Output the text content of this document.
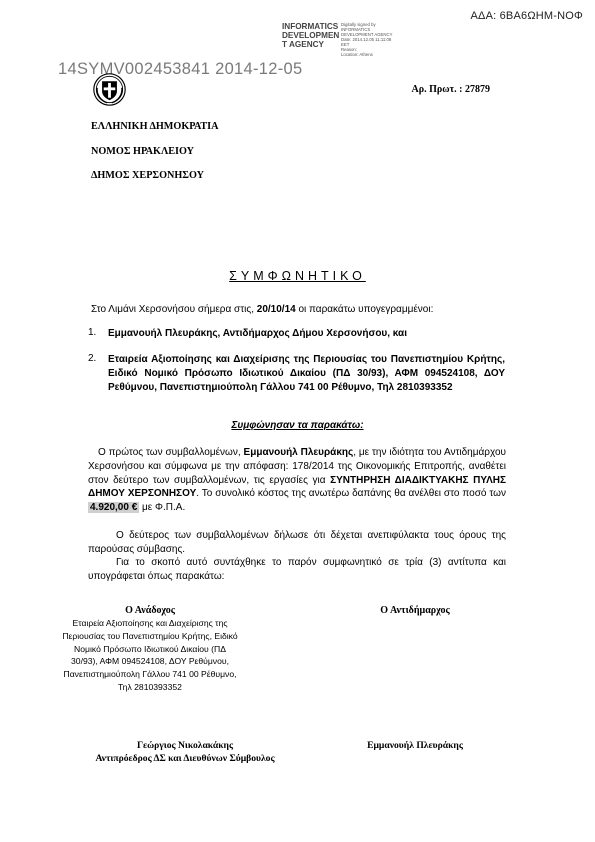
ΑΔΑ: 6ΒΑ6ΩΗΜ-ΝΟΦ
INFORMATICS
DEVELOPMEN
T AGENCY
Digitally signed by
INFORMATICS
DEVELOPMENT AGENCY
Date: 2014.12.05 11:11:08
EET
Reason:
Location: Athens
14SYMV002453841 2014-12-05
Αρ. Πρωτ. : 27879
ΕΛΛΗΝΙΚΗ ΔΗΜΟΚΡΑΤΙΑ
ΝΟΜΟΣ ΗΡΑΚΛΕΙΟΥ
ΔΗΜΟΣ ΧΕΡΣΟΝΗΣΟΥ
ΣΥΜΦΩΝΗΤΙΚΟ
Στο Λιμάνι Χερσονήσου σήμερα στις, 20/10/14 οι παρακάτω υπογεγραμμένοι:
1. Εμμανουήλ Πλευράκης, Αντιδήμαρχος Δήμου Χερσονήσου, και
2. Εταιρεία Αξιοποίησης και Διαχείρισης της Περιουσίας του Πανεπιστημίου Κρήτης, Ειδικό Νομικό Πρόσωπο Ιδιωτικού Δικαίου (ΠΔ 30/93), ΑΦΜ 094524108, ΔΟΥ Ρεθύμνου, Πανεπιστημιούπολη Γάλλου 741 00 Ρέθυμνο, Τηλ 2810393352
Συμφώνησαν τα παρακάτω:
Ο πρώτος των συμβαλλομένων, Εμμανουήλ Πλευράκης, με την ιδιότητα του Αντιδημάρχου Χερσονήσου και σύμφωνα με την απόφαση: 178/2014 της Οικονομικής Επιτροπής, αναθέτει στον δεύτερο των συμβαλλομένων, τις εργασίες για ΣΥΝΤΗΡΗΣΗ ΔΙΑΔΙΚΤΥΑΚΗΣ ΠΥΛΗΣ ΔΗΜΟΥ ΧΕΡΣΟΝΗΣΟΥ. Το συνολικό κόστος της ανωτέρω δαπάνης θα ανέλθει στο ποσό των 4.920,00 € με Φ.Π.Α.
Ο δεύτερος των συμβαλλομένων δήλωσε ότι δέχεται ανεπιφύλακτα τους όρους της παρούσας σύμβασης.
Για το σκοπό αυτό συντάχθηκε το παρόν συμφωνητικό σε τρία (3) αντίτυπα και υπογράφεται όπως παρακάτω:
Ο Ανάδοχος
Εταιρεία Αξιοποίησης και Διαχείρισης της Περιουσίας του Πανεπιστημίου Κρήτης, Ειδικό Νομικό Πρόσωπο Ιδιωτικού Δικαίου (ΠΔ 30/93), ΑΦΜ 094524108, ΔΟΥ Ρεθύμνου, Πανεπιστημιούπολη Γάλλου 741 00 Ρέθυμνο, Τηλ 2810393352
Ο Αντιδήμαρχος
Γεώργιος Νικολακάκης
Αντιπρόεδρος ΔΣ και Διευθύνων Σύμβουλος
Εμμανουήλ Πλευράκης
